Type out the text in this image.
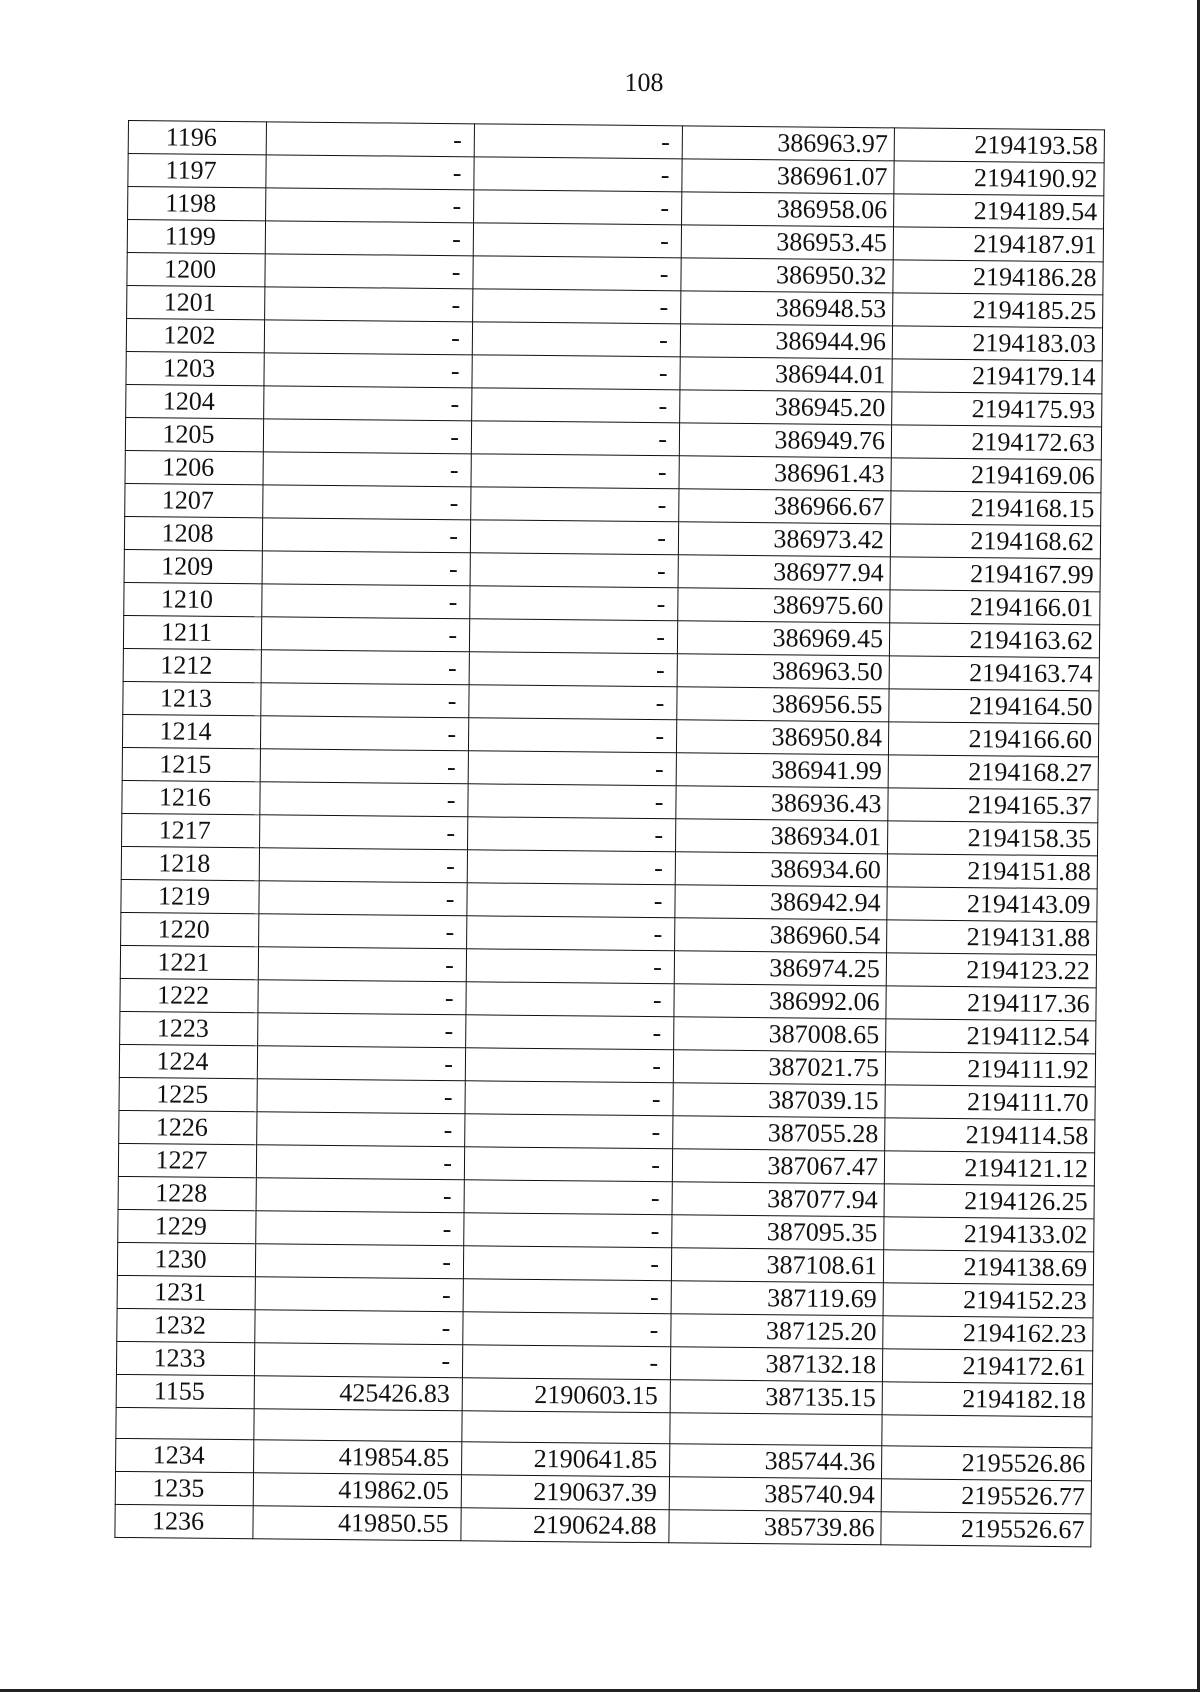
108
1196	-	-	386963.97	2194193.58
1197	-	-	386961.07	2194190.92
1198	-	-	386958.06	2194189.54
1199	-	-	386953.45	2194187.91
1200	-	-	386950.32	2194186.28
1201	-	-	386948.53	2194185.25
1202	-	-	386944.96	2194183.03
1203	-	-	386944.01	2194179.14
1204	-	-	386945.20	2194175.93
1205	-	-	386949.76	2194172.63
1206	-	-	386961.43	2194169.06
1207	-	-	386966.67	2194168.15
1208	-	-	386973.42	2194168.62
1209	-	-	386977.94	2194167.99
1210	-	-	386975.60	2194166.01
1211	-	-	386969.45	2194163.62
1212	-	-	386963.50	2194163.74
1213	-	-	386956.55	2194164.50
1214	-	-	386950.84	2194166.60
1215	-	-	386941.99	2194168.27
1216	-	-	386936.43	2194165.37
1217	-	-	386934.01	2194158.35
1218	-	-	386934.60	2194151.88
1219	-	-	386942.94	2194143.09
1220	-	-	386960.54	2194131.88
1221	-	-	386974.25	2194123.22
1222	-	-	386992.06	2194117.36
1223	-	-	387008.65	2194112.54
1224	-	-	387021.75	2194111.92
1225	-	-	387039.15	2194111.70
1226	-	-	387055.28	2194114.58
1227	-	-	387067.47	2194121.12
1228	-	-	387077.94	2194126.25
1229	-	-	387095.35	2194133.02
1230	-	-	387108.61	2194138.69
1231	-	-	387119.69	2194152.23
1232	-	-	387125.20	2194162.23
1233	-	-	387132.18	2194172.61
1155	425426.83	2190603.15	387135.15	2194182.18

1234	419854.85	2190641.85	385744.36	2195526.86
1235	419862.05	2190637.39	385740.94	2195526.77
1236	419850.55	2190624.88	385739.86	2195526.67
